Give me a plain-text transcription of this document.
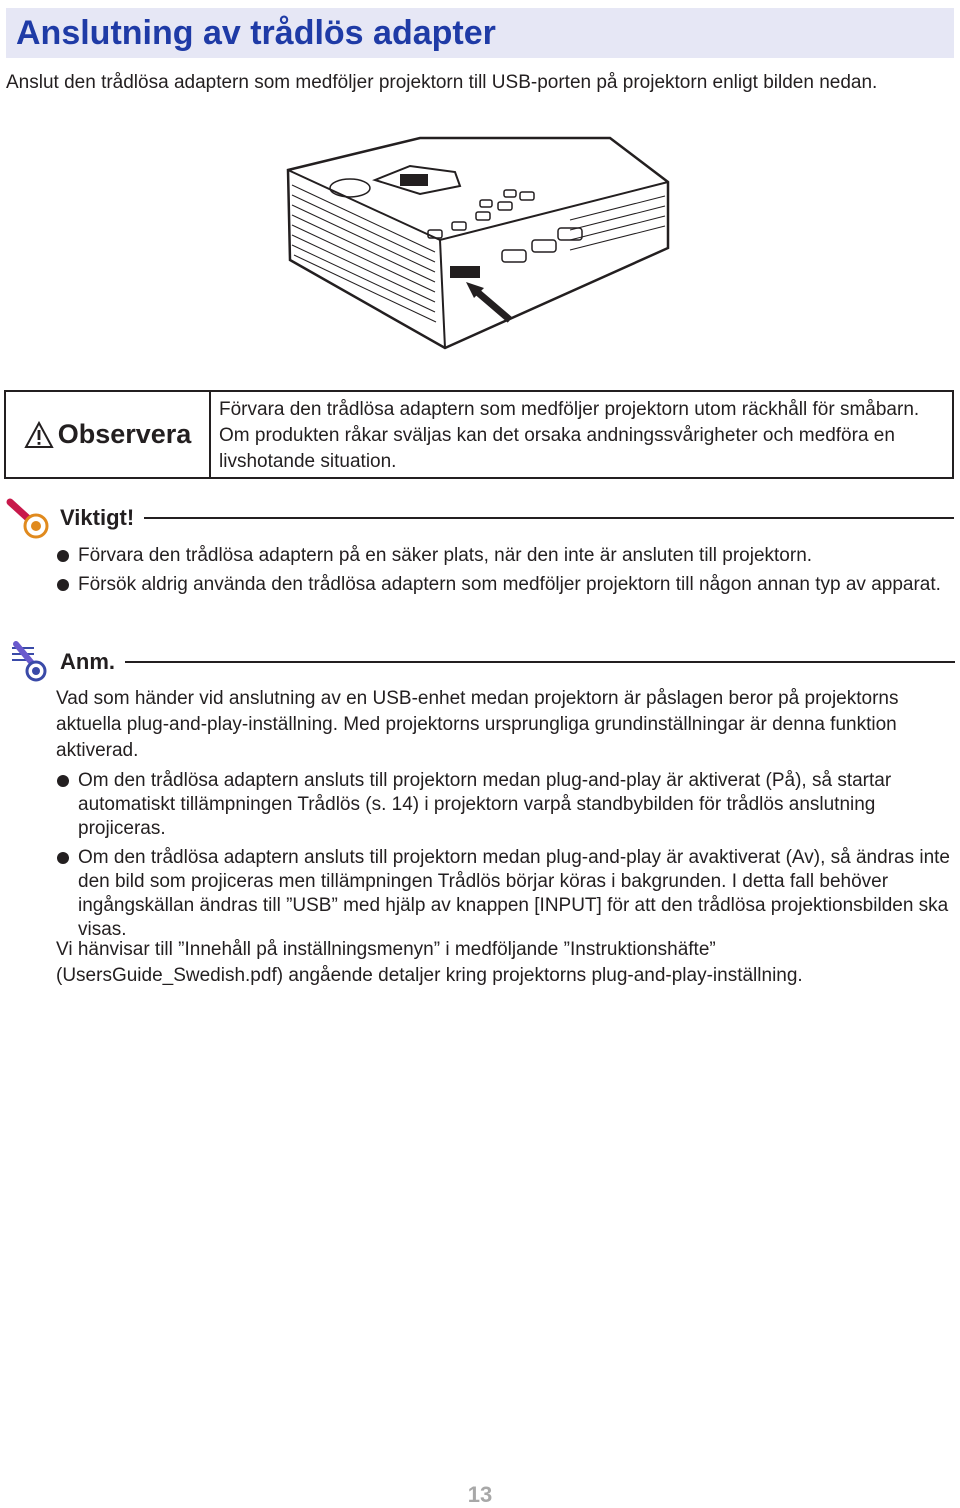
Anslutning av trådlös adapter

Anslut den trådlösa adaptern som medföljer projektorn till USB-porten på projektorn enligt bilden nedan.

Observera

Förvara den trådlösa adaptern som medföljer projektorn utom räckhåll för småbarn. Om produkten råkar sväljas kan det orsaka andningssvårigheter och medföra en livshotande situation.

Viktigt!
Förvara den trådlösa adaptern på en säker plats, när den inte är ansluten till projektorn.
Försök aldrig använda den trådlösa adaptern som medföljer projektorn till någon annan typ av apparat.
Anm.

Vad som händer vid anslutning av en USB-enhet medan projektorn är påslagen beror på projektorns aktuella plug-and-play-inställning. Med projektorns ursprungliga grundinställningar är denna funktion aktiverad.

Om den trådlösa adaptern ansluts till projektorn medan plug-and-play är aktiverat (På), så startar automatiskt tillämpningen Trådlös (s. 14) i projektorn varpå standbybilden för trådlös anslutning projiceras.
Om den trådlösa adaptern ansluts till projektorn medan plug-and-play är avaktiverat (Av), så ändras inte den bild som projiceras men tillämpningen Trådlös börjar köras i bakgrunden. I detta fall behöver ingångskällan ändras till ”USB” med hjälp av knappen [INPUT] för att den trådlösa projektionsbilden ska visas.

Vi hänvisar till ”Innehåll på inställningsmenyn” i medföljande ”Instruktionshäfte” (UsersGuide_Swedish.pdf) angående detaljer kring projektorns plug-and-play-inställning.

13
